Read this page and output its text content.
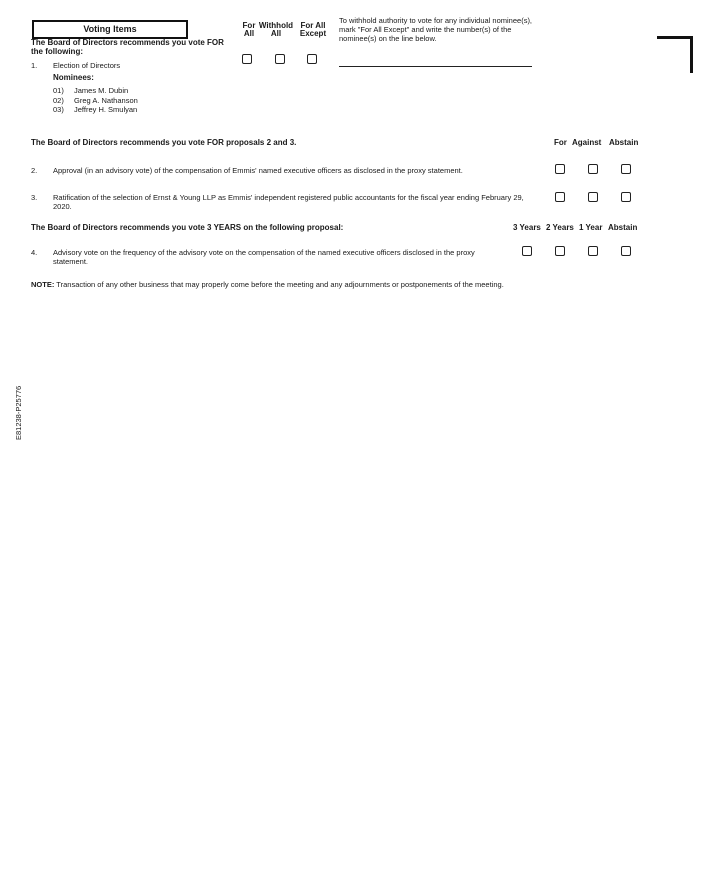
Voting Items
The Board of Directors recommends you vote FOR the following:
1. Election of Directors
Nominees:
01) James M. Dubin
02) Greg A. Nathanson
03) Jeffrey H. Smulyan
For All
Withhold All
For All Except
To withhold authority to vote for any individual nominee(s), mark "For All Except" and write the number(s) of the nominee(s) on the line below.
The Board of Directors recommends you vote FOR proposals 2 and 3.	For Against Abstain
2. Approval (in an advisory vote) of the compensation of Emmis' named executive officers as disclosed in the proxy statement.
3. Ratification of the selection of Ernst & Young LLP as Emmis' independent registered public accountants for the fiscal year ending February 29, 2020.
The Board of Directors recommends you vote 3 YEARS on the following proposal:	3 Years 2 Years 1 Year Abstain
4. Advisory vote on the frequency of the advisory vote on the compensation of the named executive officers disclosed in the proxy statement.
NOTE: Transaction of any other business that may properly come before the meeting and any adjournments or postponements of the meeting.
E81238-P25776
